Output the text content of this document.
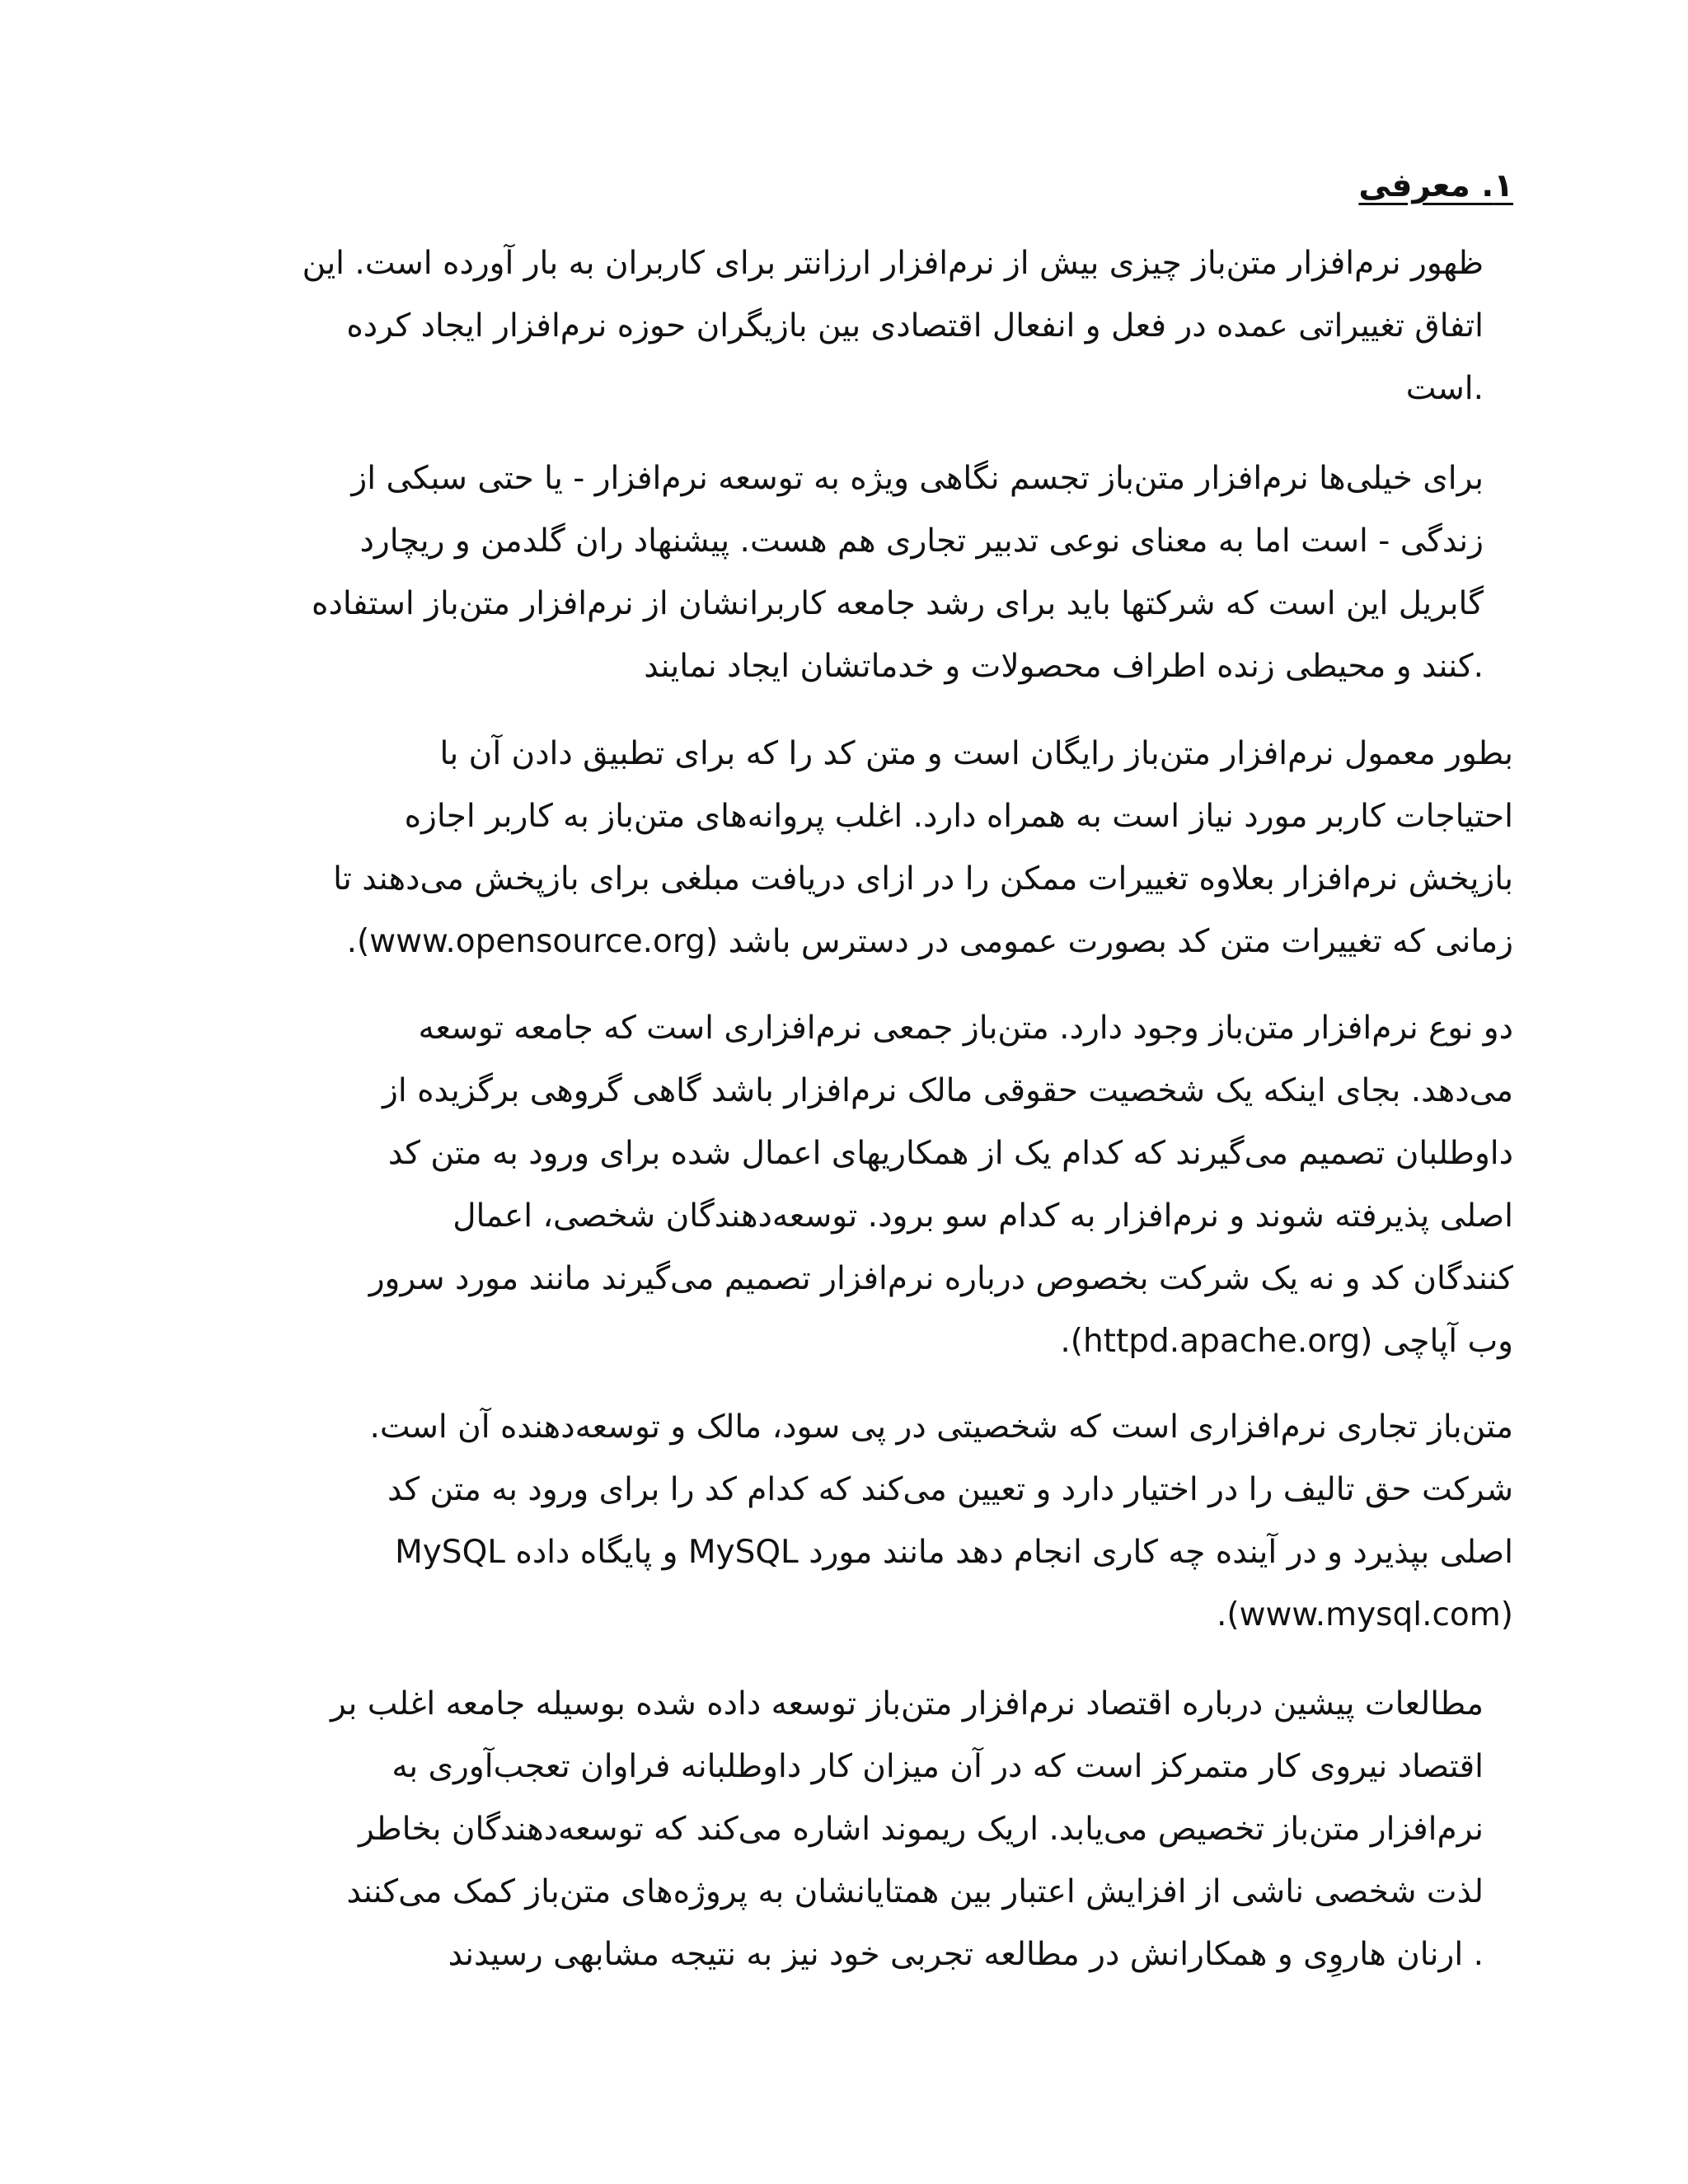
۱. معرفی
ظهور نرم‌افزار متن‌باز چیزی بیش از نرم‌افزار ارزانتر برای کاربران به بار آورده است. این
اتفاق تغییراتی عمده در فعل و انفعال اقتصادی بین بازیگران حوزه نرم‌افزار ایجاد کرده
.است
برای خیلی‌ها نرم‌افزار متن‌باز تجسم نگاهی ویژه به توسعه نرم‌افزار - یا حتی سبکی از
زندگی - است اما به معنای نوعی تدبیر تجاری هم هست. پیشنهاد ران گلدمن و ریچارد
گابریل این است که شرکتها باید برای رشد جامعه کاربرانشان از نرم‌افزار متن‌باز استفاده
.کنند و محیطی زنده اطراف محصولات و خدماتشان ایجاد نمایند
بطور معمول نرم‌افزار متن‌باز رایگان است و متن کد را که برای تطبیق دادن آن با
احتیاجات کاربر مورد نیاز است به همراه دارد. اغلب پروانه‌های متن‌باز به کاربر اجازه
بازپخش نرم‌افزار بعلاوه تغییرات ممکن را در ازای دریافت مبلغی برای بازپخش می‌دهند تا
زمانی که تغییرات متن کد بصورت عمومی در دسترس باشد (www.opensource.org).
دو نوع نرم‌افزار متن‌باز وجود دارد. متن‌باز جمعی نرم‌افزاری است که جامعه توسعه
می‌دهد. بجای اینکه یک شخصیت حقوقی مالک نرم‌افزار باشد گاهی گروهی برگزیده از
داوطلبان تصمیم می‌گیرند که کدام یک از همکاریهای اعمال شده برای ورود به متن کد
اصلی پذیرفته شوند و نرم‌افزار به کدام سو برود. توسعه‌دهندگان شخصی، اعمال
کنندگان کد و نه یک شرکت بخصوص درباره نرم‌افزار تصمیم می‌گیرند مانند مورد سرور
وب آپاچی (httpd.apache.org).
متن‌باز تجاری نرم‌افزاری است که شخصیتی در پی سود، مالک و توسعه‌دهنده آن است.
شرکت حق تالیف را در اختیار دارد و تعیین می‌کند که کدام کد را برای ورود به متن کد
اصلی بپذیرد و در آینده چه کاری انجام دهد مانند مورد MySQL و پایگاه داده MySQL
.(www.mysql.com)
مطالعات پیشین درباره اقتصاد نرم‌افزار متن‌باز توسعه داده شده بوسیله جامعه اغلب بر
اقتصاد نیروی کار متمرکز است که در آن میزان کار داوطلبانه فراوان تعجب‌آوری به
نرم‌افزار متن‌باز تخصیص می‌یابد. اریک ریموند اشاره می‌کند که توسعه‌دهندگان بخاطر
لذت شخصی ناشی از افزایش اعتبار بین همتایانشان به پروژه‌های متن‌باز کمک می‌کنند
. ارنان هاروِی و همکارانش در مطالعه تجربی خود نیز به نتیجه مشابهی رسیدند
